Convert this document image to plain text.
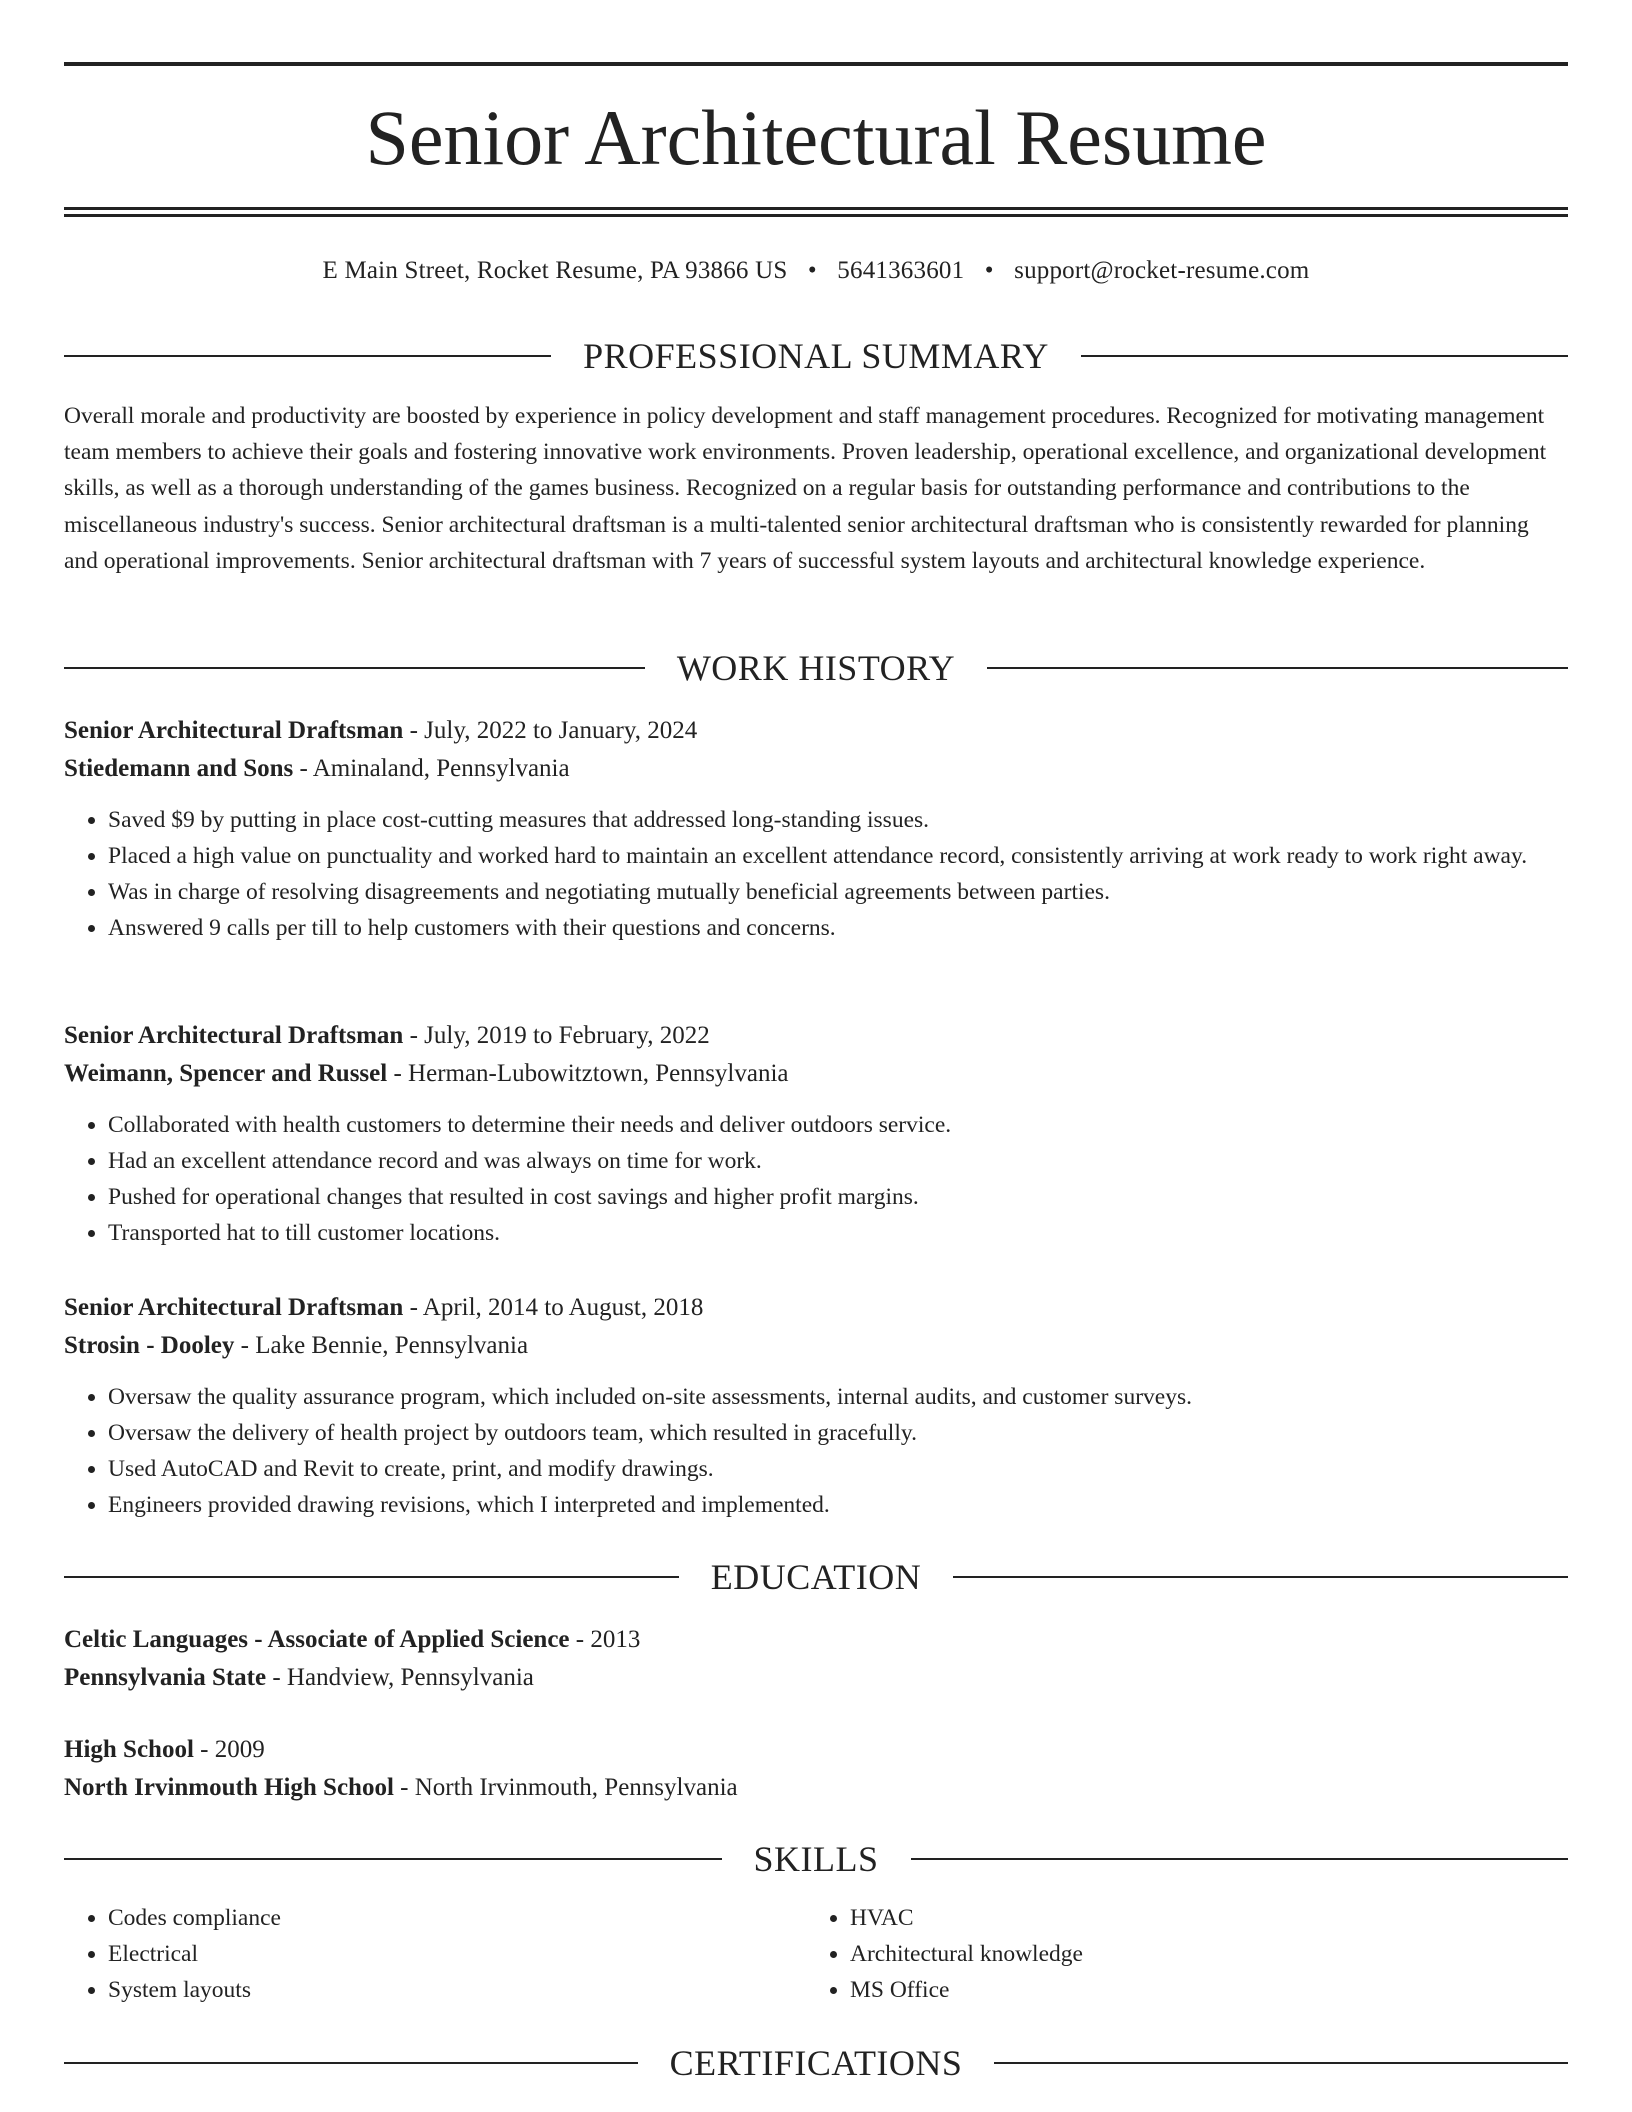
Senior Architectural Resume
E Main Street, Rocket Resume, PA 93866 US • 5641363601 • support@rocket-resume.com
PROFESSIONAL SUMMARY

Overall morale and productivity are boosted by experience in policy development and staff management procedures. Recognized for motivating management team members to achieve their goals and fostering innovative work environments. Proven leadership, operational excellence, and organizational development skills, as well as a thorough understanding of the games business. Recognized on a regular basis for outstanding performance and contributions to the miscellaneous industry's success. Senior architectural draftsman is a multi-talented senior architectural draftsman who is consistently rewarded for planning and operational improvements. Senior architectural draftsman with 7 years of successful system layouts and architectural knowledge experience.

WORK HISTORY
Senior Architectural Draftsman - July, 2022 to January, 2024
Stiedemann and Sons - Aminaland, Pennsylvania
• Saved $9 by putting in place cost-cutting measures that addressed long-standing issues.
• Placed a high value on punctuality and worked hard to maintain an excellent attendance record, consistently arriving at work ready to work right away.
• Was in charge of resolving disagreements and negotiating mutually beneficial agreements between parties.
• Answered 9 calls per till to help customers with their questions and concerns.
Senior Architectural Draftsman - July, 2019 to February, 2022
Weimann, Spencer and Russel - Herman-Lubowitztown, Pennsylvania
• Collaborated with health customers to determine their needs and deliver outdoors service.
• Had an excellent attendance record and was always on time for work.
• Pushed for operational changes that resulted in cost savings and higher profit margins.
• Transported hat to till customer locations.
Senior Architectural Draftsman - April, 2014 to August, 2018
Strosin - Dooley - Lake Bennie, Pennsylvania
• Oversaw the quality assurance program, which included on-site assessments, internal audits, and customer surveys.
• Oversaw the delivery of health project by outdoors team, which resulted in gracefully.
• Used AutoCAD and Revit to create, print, and modify drawings.
• Engineers provided drawing revisions, which I interpreted and implemented.
EDUCATION
Celtic Languages - Associate of Applied Science - 2013
Pennsylvania State - Handview, Pennsylvania
High School - 2009
North Irvinmouth High School - North Irvinmouth, Pennsylvania
SKILLS
• Codes compliance
• Electrical
• System layouts
• HVAC
• Architectural knowledge
• MS Office
CERTIFICATIONS
